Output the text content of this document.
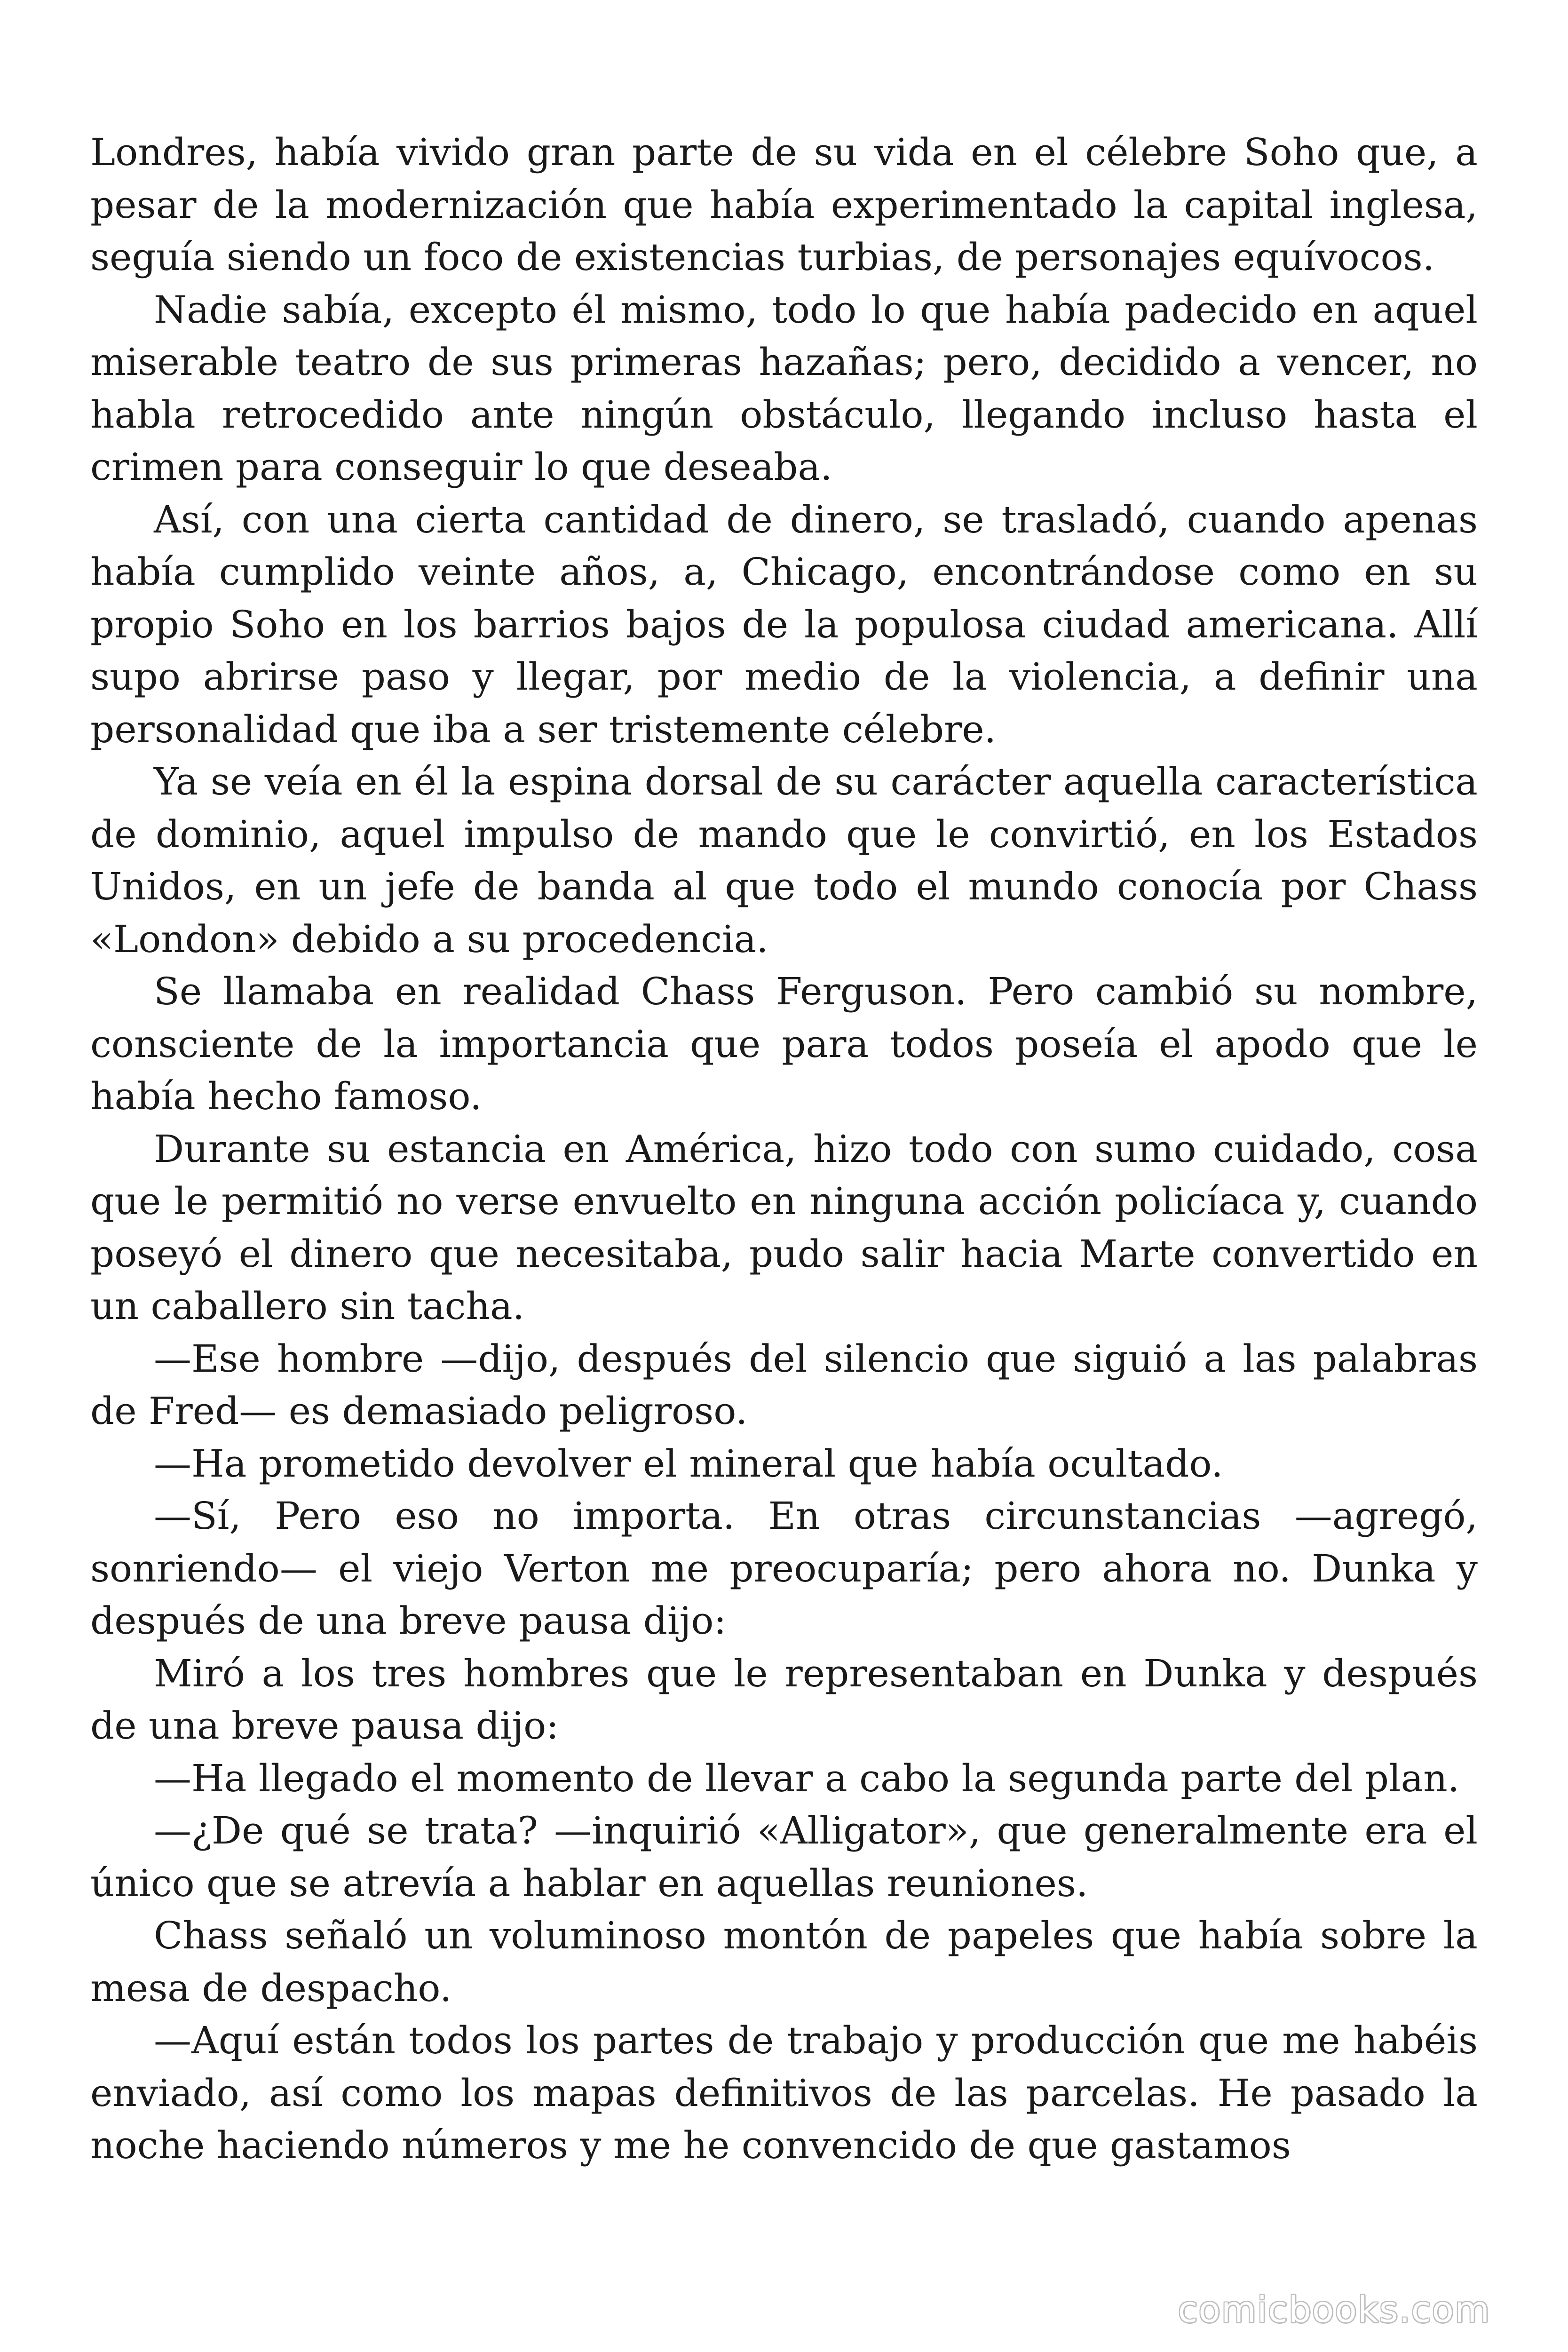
Londres, había vivido gran parte de su vida en el célebre Soho que, a pesar de la modernización que había experimentado la capital inglesa, seguía siendo un foco de existencias turbias, de personajes equívocos.

Nadie sabía, excepto él mismo, todo lo que había padecido en aquel miserable teatro de sus primeras hazañas; pero, decidido a vencer, no habla retrocedido ante ningún obstáculo, llegando incluso hasta el crimen para conseguir lo que deseaba.

Así, con una cierta cantidad de dinero, se trasladó, cuando apenas había cumplido veinte años, a, Chicago, encontrándose como en su propio Soho en los barrios bajos de la populosa ciudad americana. Allí supo abrirse paso y llegar, por medio de la violencia, a definir una personalidad que iba a ser tristemente célebre.

Ya se veía en él la espina dorsal de su carácter aquella característica de dominio, aquel impulso de mando que le convirtió, en los Estados Unidos, en un jefe de banda al que todo el mundo conocía por Chass «London» debido a su procedencia.

Se llamaba en realidad Chass Ferguson. Pero cambió su nombre, consciente de la importancia que para todos poseía el apodo que le había hecho famoso.

Durante su estancia en América, hizo todo con sumo cuidado, cosa que le permitió no verse envuelto en ninguna acción policíaca y, cuando poseyó el dinero que necesitaba, pudo salir hacia Marte convertido en un caballero sin tacha.

—Ese hombre —dijo, después del silencio que siguió a las palabras de Fred— es demasiado peligroso.

—Ha prometido devolver el mineral que había ocultado.

—Sí, Pero eso no importa. En otras circunstancias —agregó, sonriendo— el viejo Verton me preocuparía; pero ahora no. Dunka y después de una breve pausa dijo:

Miró a los tres hombres que le representaban en Dunka y después de una breve pausa dijo:

—Ha llegado el momento de llevar a cabo la segunda parte del plan.

—¿De qué se trata? —inquirió «Alligator», que generalmente era el único que se atrevía a hablar en aquellas reuniones.

Chass señaló un voluminoso montón de papeles que había sobre la mesa de despacho.

—Aquí están todos los partes de trabajo y producción que me habéis enviado, así como los mapas definitivos de las parcelas. He pasado la noche haciendo números y me he convencido de que gastamos

comicbooks.com
